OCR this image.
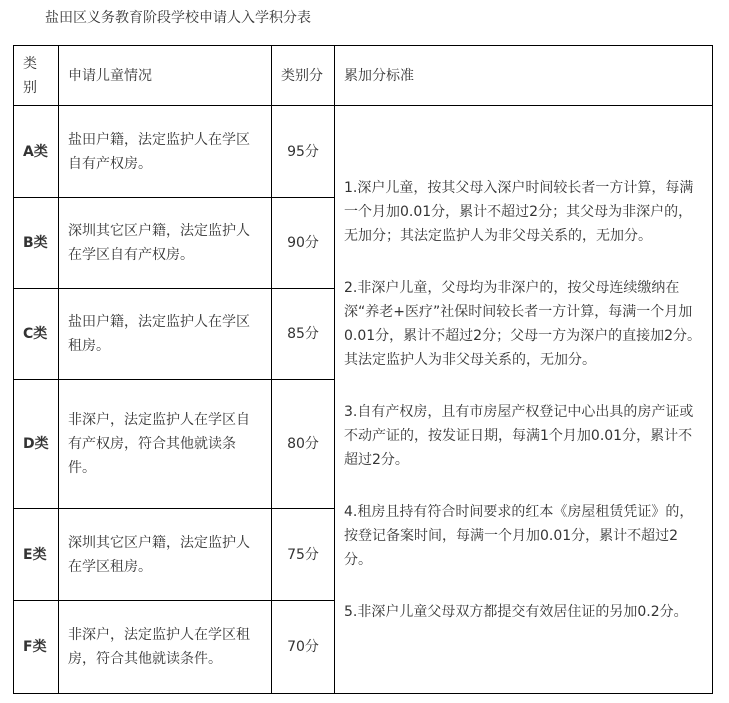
盐田区义务教育阶段学校申请人入学积分表
类别	申请儿童情况	类别分	累加分标准
A类	盐田户籍，法定监护人在学区自有产权房。	95分	1.深户儿童，按其父母入深户时间较长者一方计算，每满一个月加0.01分，累计不超过2分；其父母为非深户的，无加分；其法定监护人为非父母关系的，无加分。

2.非深户儿童，父母均为非深户的，按父母连续缴纳在深“养老+医疗”社保时间较长者一方计算，每满一个月加0.01分，累计不超过2分；父母一方为深户的直接加2分。其法定监护人为非父母关系的，无加分。

3.自有产权房，且有市房屋产权登记中心出具的房产证或不动产证的，按发证日期，每满1个月加0.01分，累计不超过2分。

4.租房且持有符合时间要求的红本《房屋租赁凭证》的，按登记备案时间，每满一个月加0.01分，累计不超过2分。

5.非深户儿童父母双方都提交有效居住证的另加0.2分。

B类	深圳其它区户籍，法定监护人在学区自有产权房。	90分	
C类	盐田户籍，法定监护人在学区租房。	85分	
D类	非深户，法定监护人在学区自有产权房，符合其他就读条件。	80分	
E类	深圳其它区户籍，法定监护人在学区租房。	75分	
F类	非深户，法定监护人在学区租房，符合其他就读条件。	70分	
